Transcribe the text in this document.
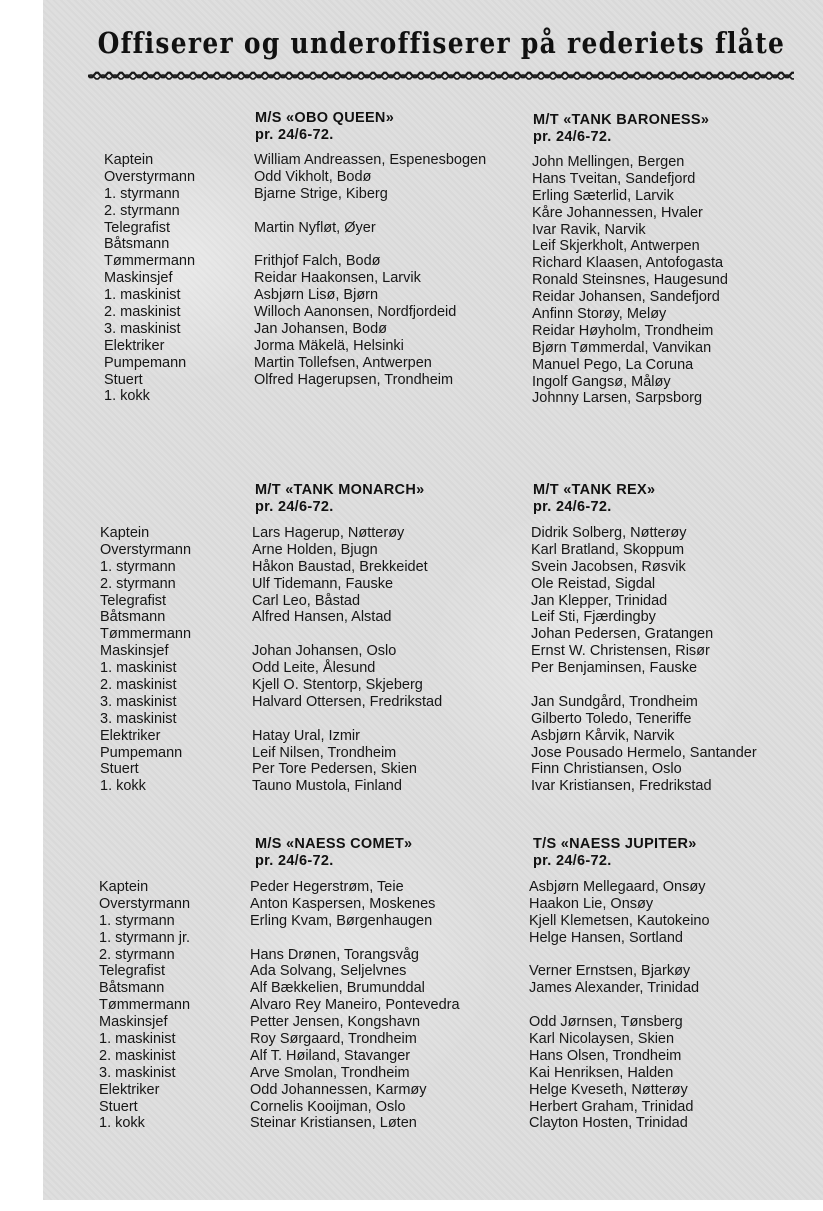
Offiserer og underoffiserer på rederiets flåte
M/S «OBO QUEEN»
pr. 24/6-72.
M/T «TANK BARONESS»
pr. 24/6-72.
Kaptein
Overstyrmann
1. styrmann
2. styrmann
Telegrafist
Båtsmann
Tømmermann
Maskinsjef
1. maskinist
2. maskinist
3. maskinist
Elektriker
Pumpemann
Stuert
1. kokk
William Andreassen, Espenesbogen
Odd Vikholt, Bodø
Bjarne Strige, Kiberg
Martin Nyfløt, Øyer
Frithjof Falch, Bodø
Reidar Haakonsen, Larvik
Asbjørn Lisø, Bjørn
Willoch Aanonsen, Nordfjordeid
Jan Johansen, Bodø
Jorma Mäkelä, Helsinki
Martin Tollefsen, Antwerpen
Olfred Hagerupsen, Trondheim
John Mellingen, Bergen
Hans Tveitan, Sandefjord
Erling Sæterlid, Larvik
Kåre Johannessen, Hvaler
Ivar Ravik, Narvik
Leif Skjerkholt, Antwerpen
Richard Klaasen, Antofogasta
Ronald Steinsnes, Haugesund
Reidar Johansen, Sandefjord
Anfinn Storøy, Meløy
Reidar Høyholm, Trondheim
Bjørn Tømmerdal, Vanvikan
Manuel Pego, La Coruna
Ingolf Gangsø, Måløy
Johnny Larsen, Sarpsborg
M/T «TANK MONARCH»
pr. 24/6-72.
M/T «TANK REX»
pr. 24/6-72.
Kaptein
Overstyrmann
1. styrmann
2. styrmann
Telegrafist
Båtsmann
Tømmermann
Maskinsjef
1. maskinist
2. maskinist
3. maskinist
3. maskinist
Elektriker
Pumpemann
Stuert
1. kokk
Lars Hagerup, Nøtterøy
Arne Holden, Bjugn
Håkon Baustad, Brekkeidet
Ulf Tidemann, Fauske
Carl Leo, Båstad
Alfred Hansen, Alstad
Johan Johansen, Oslo
Odd Leite, Ålesund
Kjell O. Stentorp, Skjeberg
Halvard Ottersen, Fredrikstad
Hatay Ural, Izmir
Leif Nilsen, Trondheim
Per Tore Pedersen, Skien
Tauno Mustola, Finland
Didrik Solberg, Nøtterøy
Karl Bratland, Skoppum
Svein Jacobsen, Røsvik
Ole Reistad, Sigdal
Jan Klepper, Trinidad
Leif Sti, Fjærdingby
Johan Pedersen, Gratangen
Ernst W. Christensen, Risør
Per Benjaminsen, Fauske
Jan Sundgård, Trondheim
Gilberto Toledo, Teneriffe
Asbjørn Kårvik, Narvik
Jose Pousado Hermelo, Santander
Finn Christiansen, Oslo
Ivar Kristiansen, Fredrikstad
M/S «NAESS COMET»
pr. 24/6-72.
T/S «NAESS JUPITER»
pr. 24/6-72.
Kaptein
Overstyrmann
1. styrmann
1. styrmann jr.
2. styrmann
Telegrafist
Båtsmann
Tømmermann
Maskinsjef
1. maskinist
2. maskinist
3. maskinist
Elektriker
Stuert
1. kokk
Peder Hegerstrøm, Teie
Anton Kaspersen, Moskenes
Erling Kvam, Børgenhaugen
Hans Drønen, Torangsvåg
Ada Solvang, Seljelvnes
Alf Bækkelien, Brumunddal
Alvaro Rey Maneiro, Pontevedra
Petter Jensen, Kongshavn
Roy Sørgaard, Trondheim
Alf T. Høiland, Stavanger
Arve Smolan, Trondheim
Odd Johannessen, Karmøy
Cornelis Kooijman, Oslo
Steinar Kristiansen, Løten
Asbjørn Mellegaard, Onsøy
Haakon Lie, Onsøy
Kjell Klemetsen, Kautokeino
Helge Hansen, Sortland
Verner Ernstsen, Bjarkøy
James Alexander, Trinidad
Odd Jørnsen, Tønsberg
Karl Nicolaysen, Skien
Hans Olsen, Trondheim
Kai Henriksen, Halden
Helge Kveseth, Nøtterøy
Herbert Graham, Trinidad
Clayton Hosten, Trinidad
